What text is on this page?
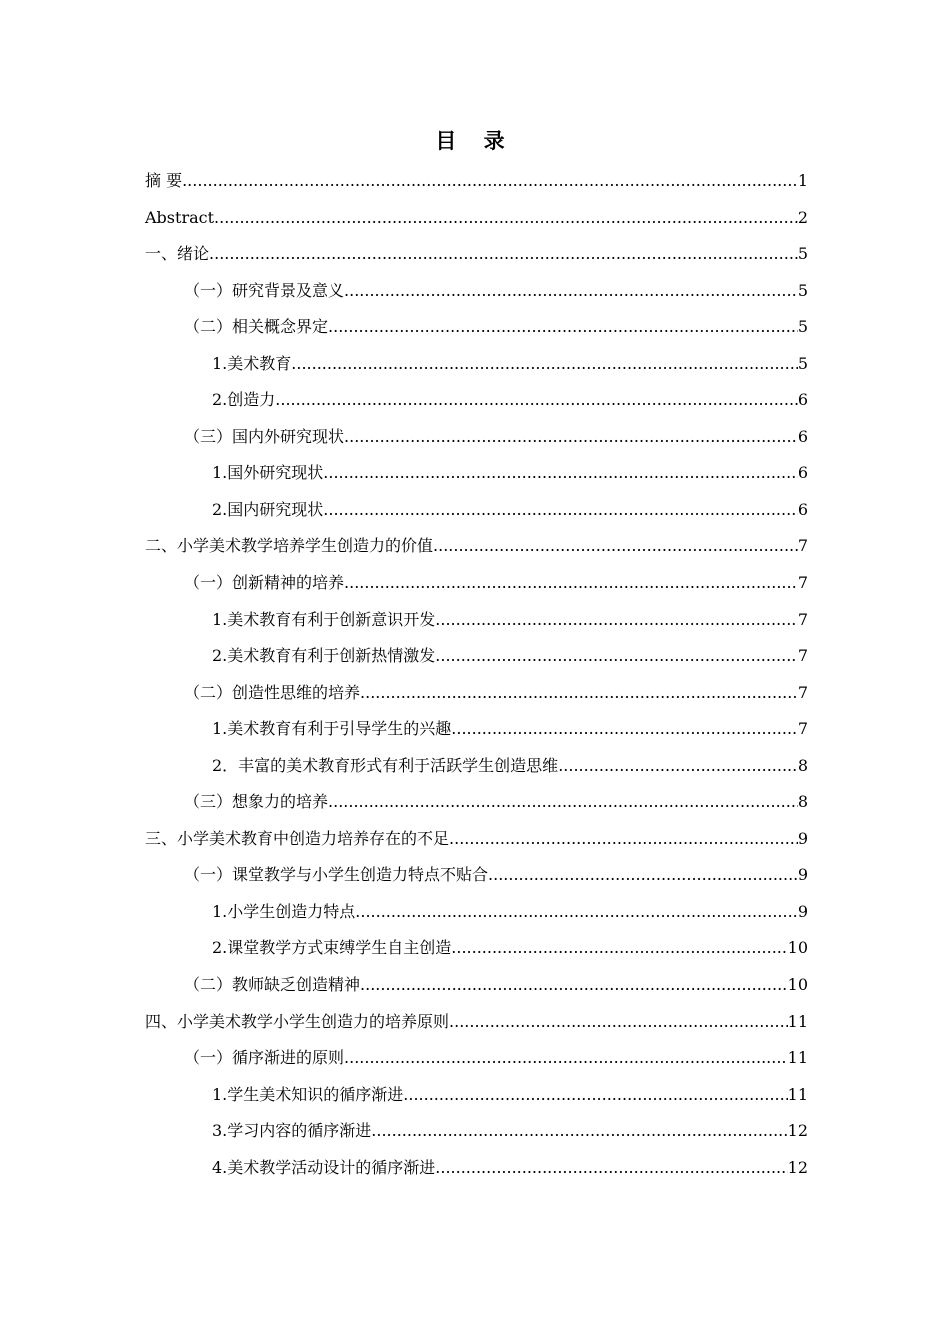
目 录
摘 要 .....	1
Abstract .....	2
一、绪论 .....	5
（一）研究背景及意义 .....	5
（二）相关概念界定 .....	5
1.美术教育 .....	5
2.创造力 .....	6
（三）国内外研究现状 .....	6
1.国外研究现状 .....	6
2.国内研究现状 .....	6
二、小学美术教学培养学生创造力的价值 .....	7
（一）创新精神的培养 .....	7
1.美术教育有利于创新意识开发 .....	7
2.美术教育有利于创新热情激发 .....	7
（二）创造性思维的培养 .....	7
1.美术教育有利于引导学生的兴趣 .....	7
2．丰富的美术教育形式有利于活跃学生创造思维 .....	8
（三）想象力的培养 .....	8
三、小学美术教育中创造力培养存在的不足 .....	9
（一）课堂教学与小学生创造力特点不贴合 .....	9
1.小学生创造力特点 .....	9
2.课堂教学方式束缚学生自主创造 .....	10
（二）教师缺乏创造精神 .....	10
四、小学美术教学小学生创造力的培养原则 .....	11
（一）循序渐进的原则 .....	11
1.学生美术知识的循序渐进 .....	11
3.学习内容的循序渐进 .....	12
4.美术教学活动设计的循序渐进 .....	12
